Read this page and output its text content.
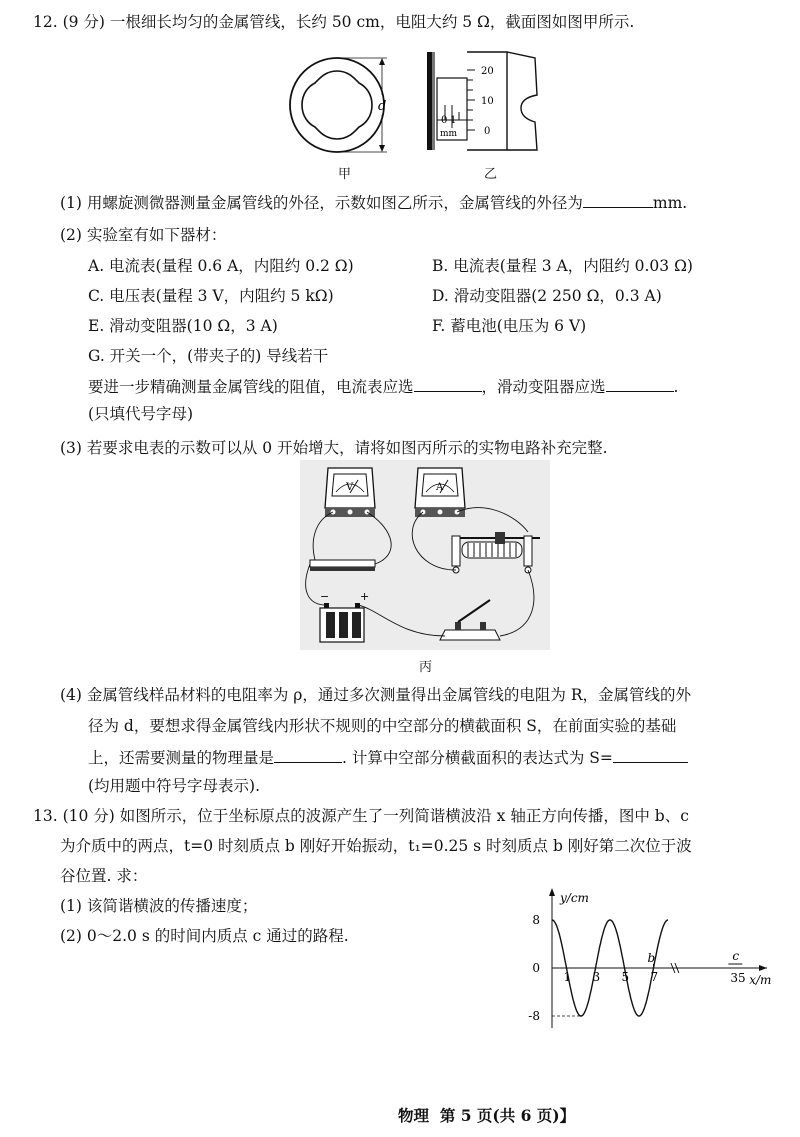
12. (9 分) 一根细长均匀的金属管线，长约 50 cm，电阻大约 5 Ω，截面图如图甲所示.
d
甲
0 1
mm
20
10
0
乙
(1) 用螺旋测微器测量金属管线的外径，示数如图乙所示，金属管线的外径为	mm.
(2) 实验室有如下器材：
A. 电流表(量程 0.6 A，内阻约 0.2 Ω)	B. 电流表(量程 3 A，内阻约 0.03 Ω)
C. 电压表(量程 3 V，内阻约 5 kΩ)	D. 滑动变阻器(2 250 Ω，0.3 A)
E. 滑动变阻器(10 Ω，3 A)	F. 蓄电池(电压为 6 V)
G. 开关一个，(带夹子的) 导线若干
要进一步精确测量金属管线的阻值，电流表应选	，滑动变阻器应选	.
(只填代号字母)
(3) 若要求电表的示数可以从 0 开始增大，请将如图丙所示的实物电路补充完整.
V	A
−	+
丙
(4) 金属管线样品材料的电阻率为 ρ，通过多次测量得出金属管线的电阻为 R，金属管线的外
径为 d，要想求得金属管线内形状不规则的中空部分的横截面积 S，在前面实验的基础
上，还需要测量的物理量是	. 计算中空部分横截面积的表达式为 S=
(均用题中符号字母表示).
13. (10 分) 如图所示，位于坐标原点的波源产生了一列简谐横波沿 x 轴正方向传播，图中 b、c
为介质中的两点，t=0 时刻质点 b 刚好开始振动，t₁=0.25 s 时刻质点 b 刚好第二次位于波
谷位置. 求：
(1) 该简谐横波的传播速度；
(2) 0～2.0 s 的时间内质点 c 通过的路程.
8
0
-8
1 3 5 7	35
b	c
y/cm
x/m
物理 第 5 页(共 6 页)】
